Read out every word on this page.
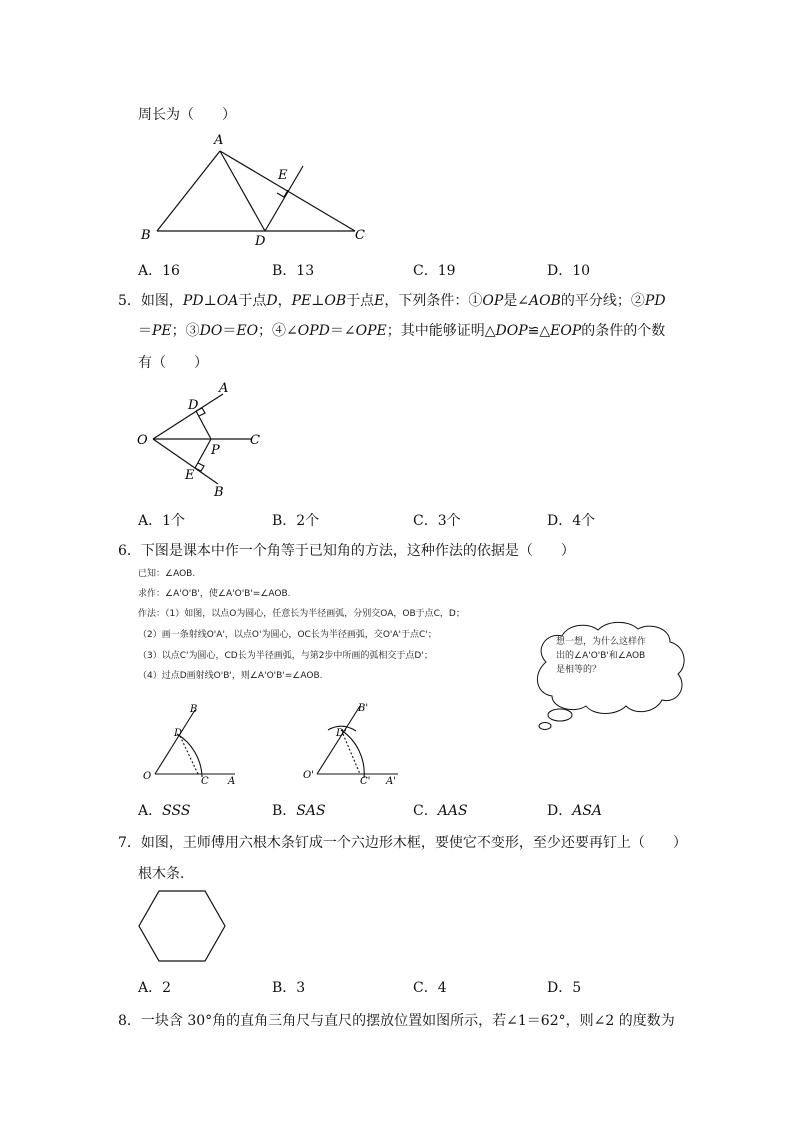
周长为（　　）
A
B	C
D
E
A．16	B．13	C．19	D．10
5．如图，PD⊥OA于点D，PE⊥OB于点E，下列条件：①OP是∠AOB的平分线；②PD
＝PE；③DO＝EO；④∠OPD＝∠OPE；其中能够证明△DOP≌△EOP的条件的个数
有（　　）
A
D
O
P
C
E
B
A．1个	B．2个	C．3个	D．4个
6．下图是课本中作一个角等于已知角的方法，这种作法的依据是（　　）
已知：∠AOB.
求作：∠A'O'B'，使∠A'O'B'=∠AOB.
作法：（1）如图，以点O为圆心，任意长为半径画弧，分别交OA，OB于点C，D；
（2）画一条射线O'A'，以点O'为圆心，OC长为半径画弧，交O'A'于点C'；
（3）以点C'为圆心，CD长为半径画弧，与第2步中所画的弧相交于点D'；
（4）过点D画射线O'B'，则∠A'O'B'=∠AOB.
想一想，为什么这样作
出的∠A'O'B'和∠AOB
是相等的？
B
D
O	C A
B'
D'
O'
C' A'
A．SSS	B．SAS	C．AAS	D．ASA
7．如图，王师傅用六根木条钉成一个六边形木框，要使它不变形，至少还要再钉上（　　）
根木条．
A．2	B．3	C．4	D．5
8．一块含 30°角的直角三角尺与直尺的摆放位置如图所示，若∠1＝62°，则∠2 的度数为
